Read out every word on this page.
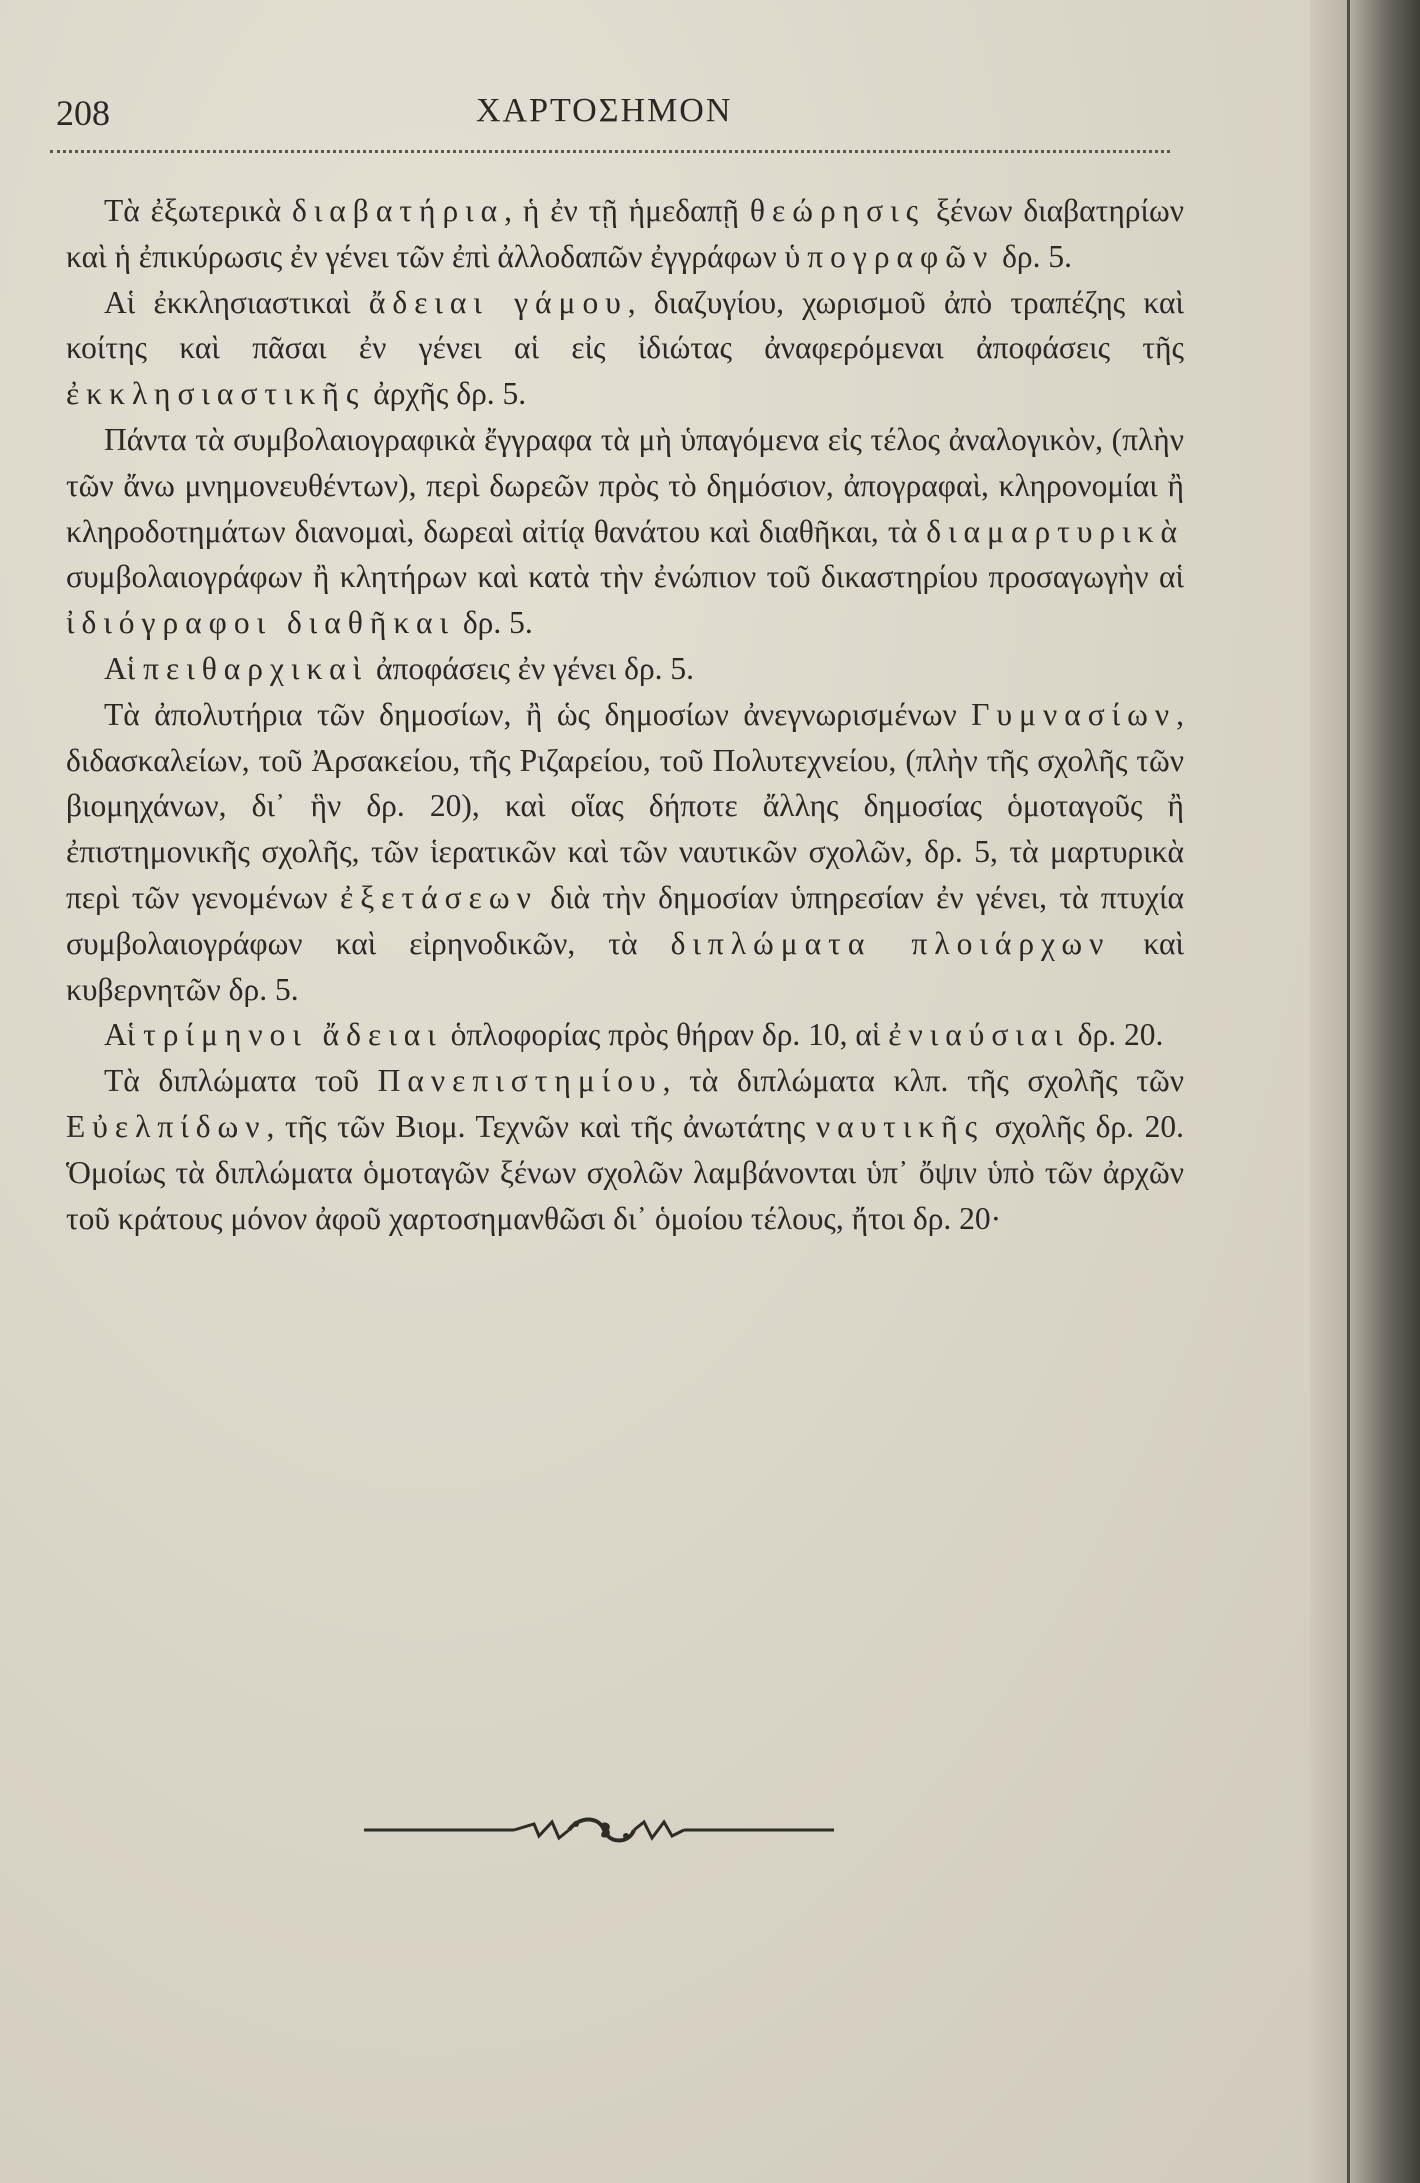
208	ΧΑΡΤΟΣΗΜΟΝ

Τὰ ἐξωτερικὰ διαβατήρια, ἡ ἐν τῇ ἡμεδαπῇ θεώρησις ξένων διαβατηρίων καὶ ἡ ἐπικύρωσις ἐν γένει τῶν ἐπὶ ἀλλοδαπῶν ἐγγράφων ὑπογραφῶν δρ. 5.

Αἱ ἐκκλησιαστικαὶ ἄδειαι γάμου, διαζυγίου, χωρισμοῦ ἀπὸ τραπέζης καὶ κοίτης καὶ πᾶσαι ἐν γένει αἱ εἰς ἰδιώτας ἀναφερόμεναι ἀποφάσεις τῆς ἐκκλησιαστικῆς ἀρχῆς δρ. 5.

Πάντα τὰ συμβολαιογραφικὰ ἔγγραφα τὰ μὴ ὑπαγόμενα εἰς τέλος ἀναλογικὸν, (πλὴν τῶν ἄνω μνημονευθέντων), περὶ δωρεῶν πρὸς τὸ δημόσιον, ἀπογραφαὶ, κληρονομίαι ἢ κληροδοτημάτων διανομαὶ, δωρεαὶ αἰτίᾳ θανάτου καὶ διαθῆκαι, τὰ διαμαρτυρικὰ συμβολαιογράφων ἢ κλητήρων καὶ κατὰ τὴν ἐνώπιον τοῦ δικαστηρίου προσαγωγὴν αἱ ἰδιόγραφοι διαθῆκαι δρ. 5.

Αἱ πειθαρχικαὶ ἀποφάσεις ἐν γένει δρ. 5.

Τὰ ἀπολυτήρια τῶν δημοσίων, ἢ ὡς δημοσίων ἀνεγνωρισμένων Γυμνασίων, διδασκαλείων, τοῦ Ἀρσακείου, τῆς Ριζαρείου, τοῦ Πολυτεχνείου, (πλὴν τῆς σχολῆς τῶν βιομηχάνων, δι᾿ ἣν δρ. 20), καὶ οἵας δήποτε ἄλλης δημοσίας ὁμοταγοῦς ἢ ἐπιστημονικῆς σχολῆς, τῶν ἱερατικῶν καὶ τῶν ναυτικῶν σχολῶν, δρ. 5, τὰ μαρτυρικὰ περὶ τῶν γενομένων ἐξετάσεων διὰ τὴν δημοσίαν ὑπηρεσίαν ἐν γένει, τὰ πτυχία συμβολαιογράφων καὶ εἰρηνοδικῶν, τὰ διπλώματα πλοιάρχων καὶ κυβερνητῶν δρ. 5.

Αἱ τρίμηνοι ἄδειαι ὁπλοφορίας πρὸς θήραν δρ. 10, αἱ ἐνιαύσιαι δρ. 20.

Τὰ διπλώματα τοῦ Πανεπιστημίου, τὰ διπλώματα κλπ. τῆς σχολῆς τῶν Εὐελπίδων, τῆς τῶν Βιομ. Τεχνῶν καὶ τῆς ἀνωτάτης ναυτικῆς σχολῆς δρ. 20. Ὁμοίως τὰ διπλώματα ὁμοταγῶν ξένων σχολῶν λαμβάνονται ὑπ᾿ ὄψιν ὑπὸ τῶν ἀρχῶν τοῦ κράτους μόνον ἀφοῦ χαρτοσημανθῶσι δι᾿ ὁμοίου τέλους, ἤτοι δρ. 20·
